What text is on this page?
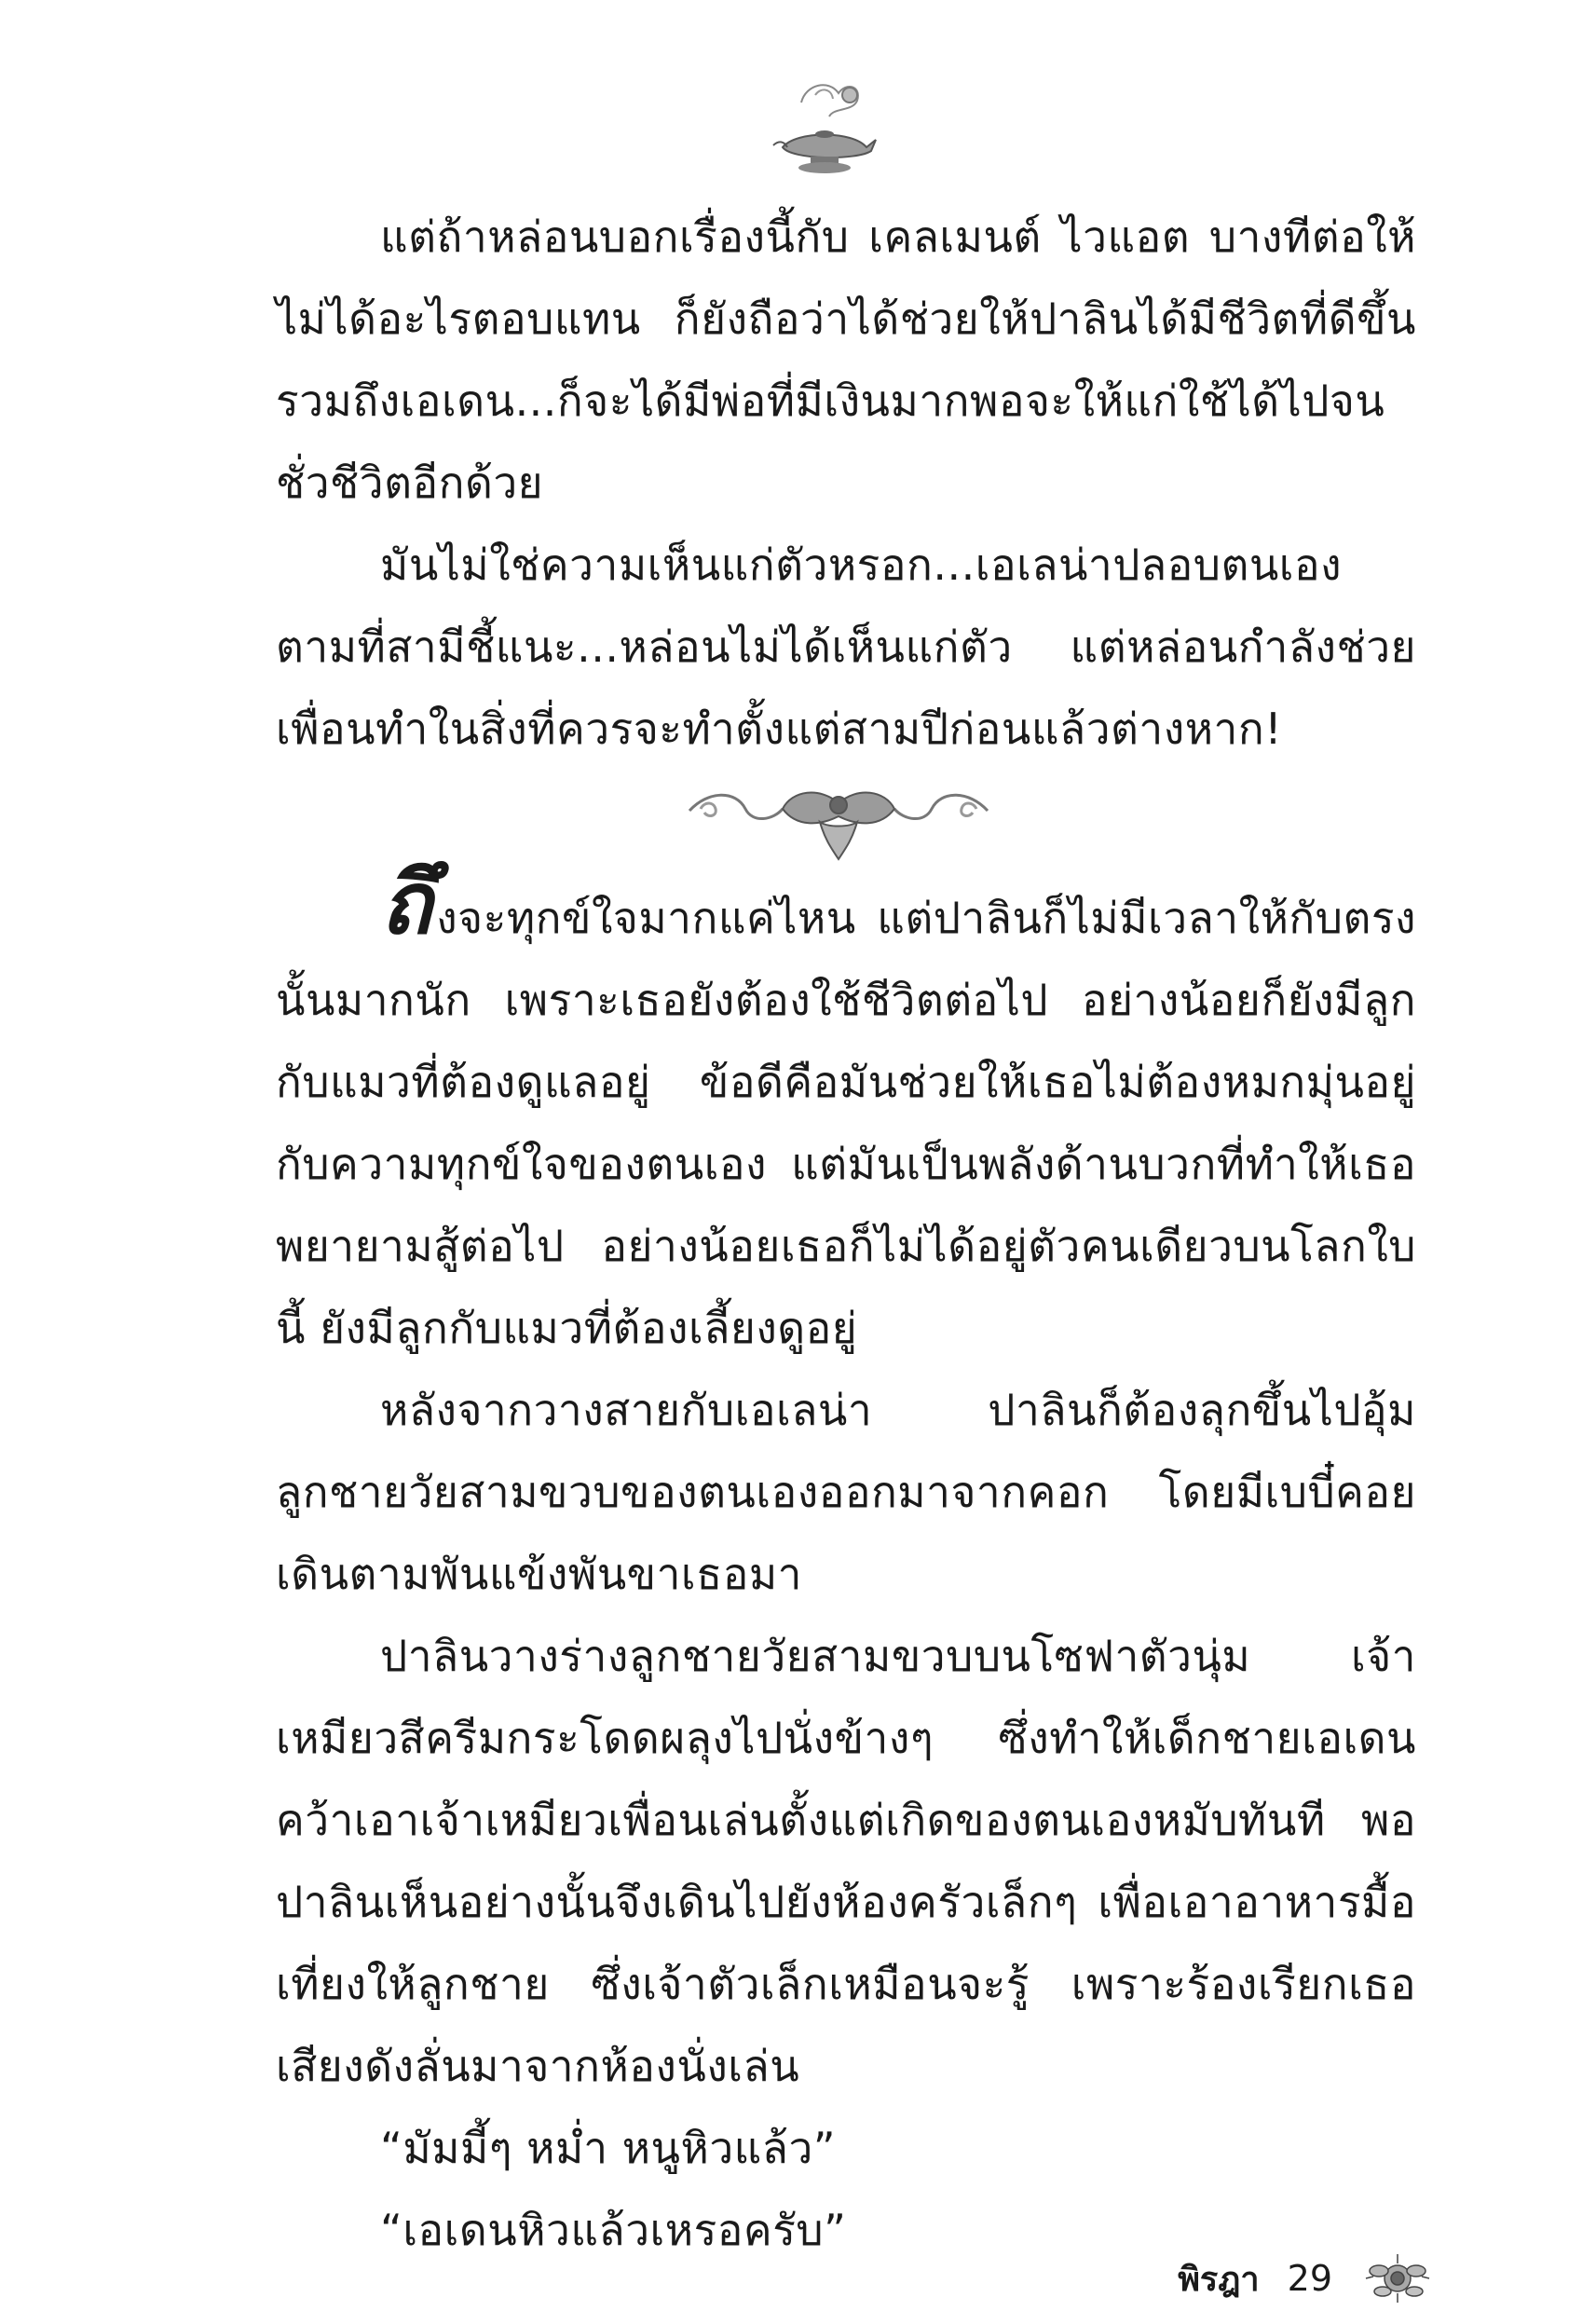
แต่ถ้าหล่อนบอกเรื่องนี้กับ เคลเมนต์ ไวแอต บางทีต่อให้ไม่ได้อะไรตอบแทน ก็ยังถือว่าได้ช่วยให้ปาลินได้มีชีวิตที่ดีขึ้น รวมถึงเอเดน...ก็จะได้มีพ่อที่มีเงินมากพอจะให้แก่ใช้ได้ไปจนชั่วชีวิตอีกด้วย

มันไม่ใช่ความเห็นแก่ตัวหรอก...เอเลน่าปลอบตนเองตามที่สามีชี้แนะ...หล่อนไม่ได้เห็นแก่ตัว แต่หล่อนกำลังช่วยเพื่อนทำในสิ่งที่ควรจะทำตั้งแต่สามปีก่อนแล้วต่างหาก!

ถึงจะทุกข์ใจมากแค่ไหน แต่ปาลินก็ไม่มีเวลาให้กับตรงนั้นมากนัก เพราะเธอยังต้องใช้ชีวิตต่อไป อย่างน้อยก็ยังมีลูกกับแมวที่ต้องดูแลอยู่ ข้อดีคือมันช่วยให้เธอไม่ต้องหมกมุ่นอยู่กับความทุกข์ใจของตนเอง แต่มันเป็นพลังด้านบวกที่ทำให้เธอพยายามสู้ต่อไป อย่างน้อยเธอก็ไม่ได้อยู่ตัวคนเดียวบนโลกใบนี้ ยังมีลูกกับแมวที่ต้องเลี้ยงดูอยู่

หลังจากวางสายกับเอเลน่า ปาลินก็ต้องลุกขึ้นไปอุ้มลูกชายวัยสามขวบของตนเองออกมาจากคอก โดยมีเบบี๋คอยเดินตามพันแข้งพันขาเธอมา

ปาลินวางร่างลูกชายวัยสามขวบบนโซฟาตัวนุ่ม เจ้าเหมียวสีครีมกระโดดผลุงไปนั่งข้างๆ ซึ่งทำให้เด็กชายเอเดนคว้าเอาเจ้าเหมียวเพื่อนเล่นตั้งแต่เกิดของตนเองหมับทันที พอปาลินเห็นอย่างนั้นจึงเดินไปยังห้องครัวเล็กๆ เพื่อเอาอาหารมื้อเที่ยงให้ลูกชาย ซึ่งเจ้าตัวเล็กเหมือนจะรู้ เพราะร้องเรียกเธอเสียงดังลั่นมาจากห้องนั่งเล่น

“มัมมี้ๆ หม่ำ หนูหิวแล้ว”

“เอเดนหิวแล้วเหรอครับ”

พิรฎา 29
